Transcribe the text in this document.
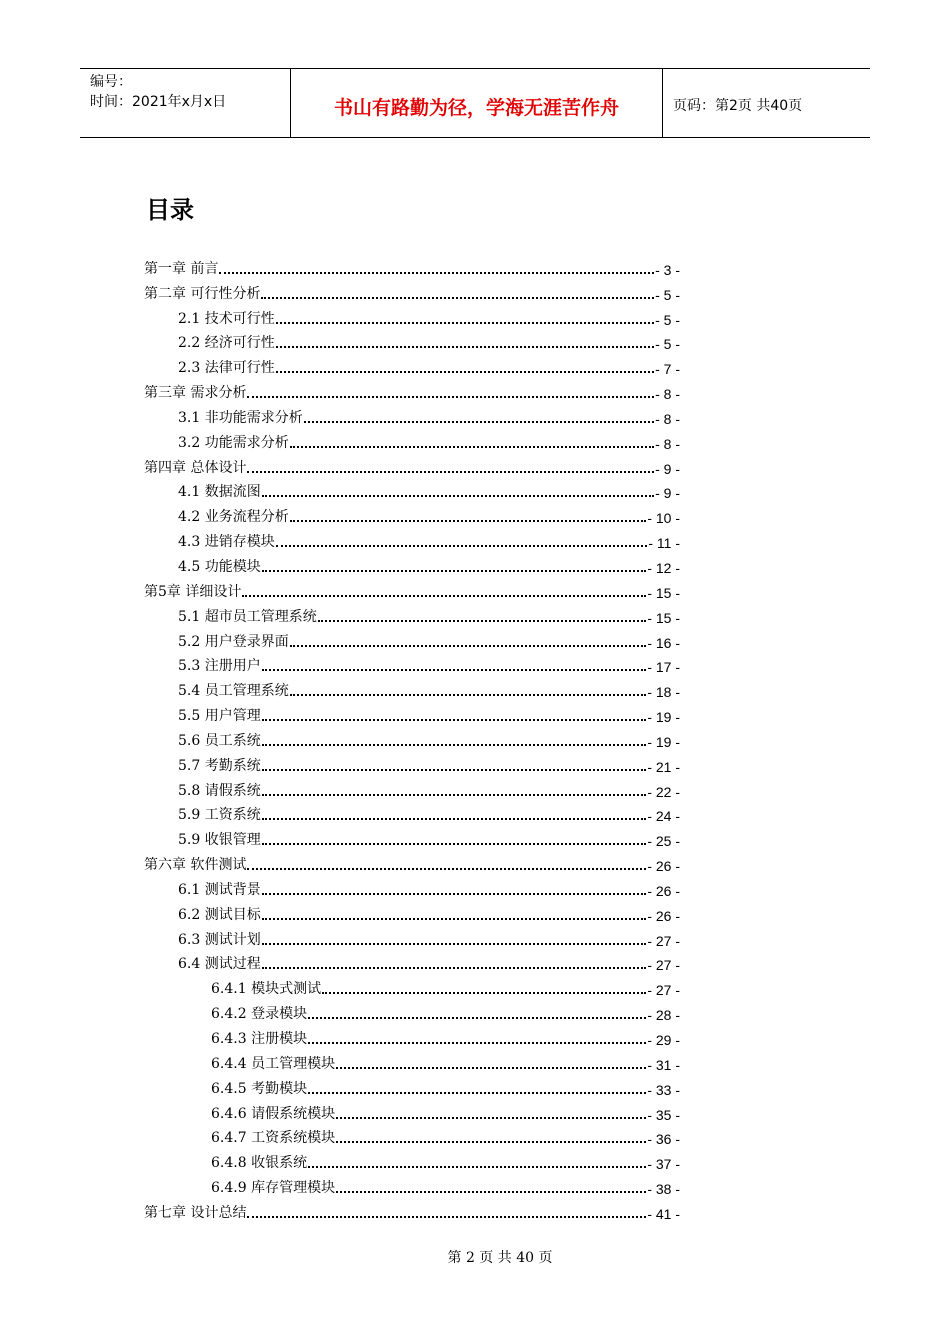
编号：
时间：2021年x月x日	书山有路勤为径，学海无涯苦作舟	页码：第2页 共40页
目录
第一章 前言	- 3 -
第二章 可行性分析	- 5 -
2.1 技术可行性	- 5 -
2.2 经济可行性	- 5 -
2.3 法律可行性	- 7 -
第三章 需求分析	- 8 -
3.1 非功能需求分析	- 8 -
3.2 功能需求分析	- 8 -
第四章 总体设计	- 9 -
4.1 数据流图	- 9 -
4.2 业务流程分析	- 10 -
4.3 进销存模块	- 11 -
4.5 功能模块	- 12 -
第5章 详细设计	- 15 -
5.1 超市员工管理系统	- 15 -
5.2 用户登录界面	- 16 -
5.3 注册用户	- 17 -
5.4 员工管理系统	- 18 -
5.5 用户管理	- 19 -
5.6 员工系统	- 19 -
5.7 考勤系统	- 21 -
5.8 请假系统	- 22 -
5.9 工资系统	- 24 -
5.9 收银管理	- 25 -
第六章 软件测试	- 26 -
6.1 测试背景	- 26 -
6.2 测试目标	- 26 -
6.3 测试计划	- 27 -
6.4 测试过程	- 27 -
6.4.1 模块式测试	- 27 -
6.4.2 登录模块	- 28 -
6.4.3 注册模块	- 29 -
6.4.4 员工管理模块	- 31 -
6.4.5 考勤模块	- 33 -
6.4.6 请假系统模块	- 35 -
6.4.7 工资系统模块	- 36 -
6.4.8 收银系统	- 37 -
6.4.9 库存管理模块	- 38 -
第七章 设计总结	- 41 -
第 2 页 共 40 页
